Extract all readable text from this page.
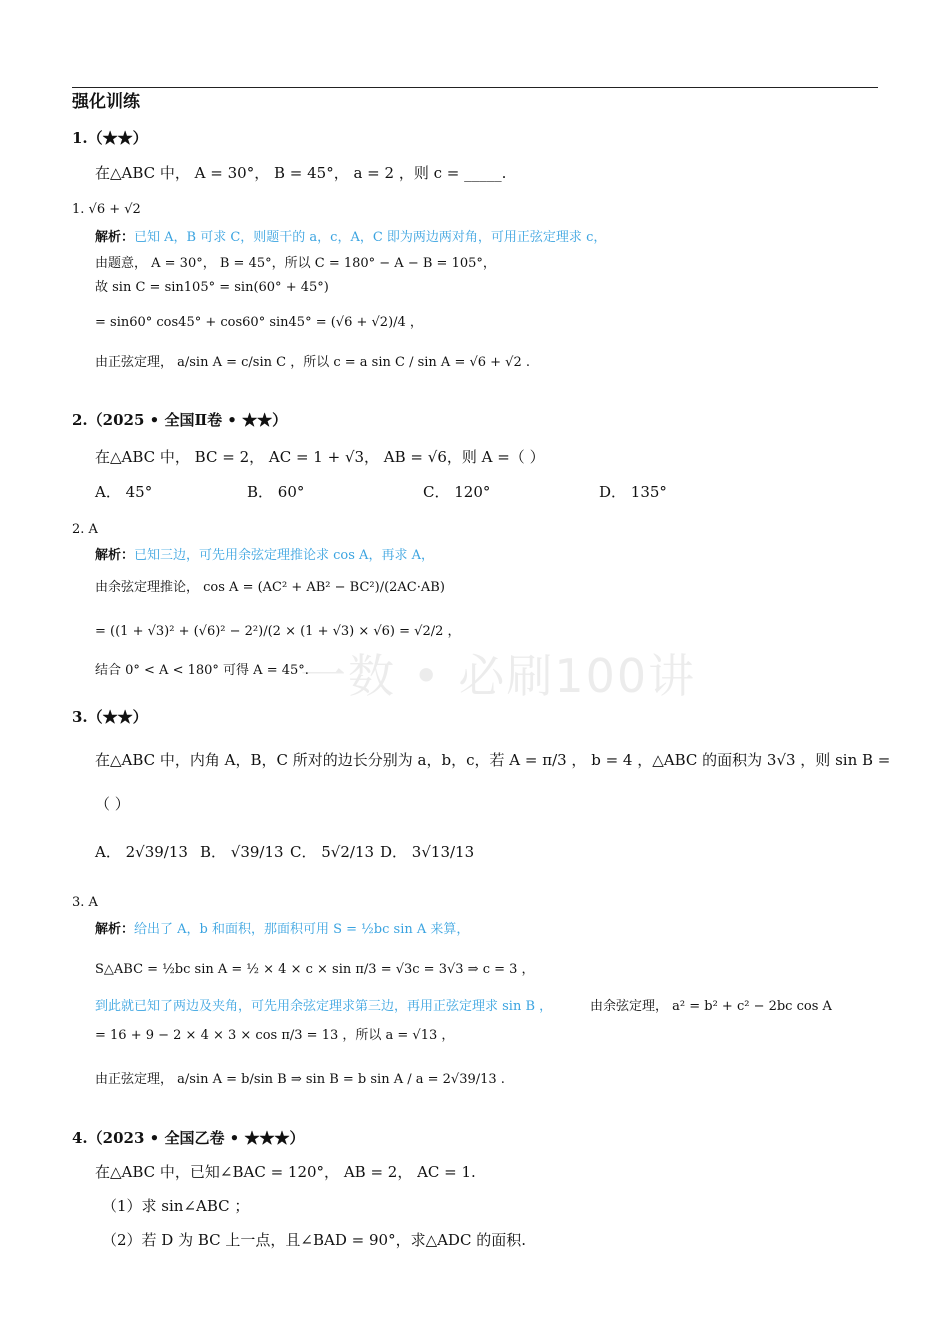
一数 • 必刷100讲
强化训练
1.（★★）
在△ABC 中， A = 30°， B = 45°， a = 2 ，则 c = _____.
1. √6 + √2
解析：已知 A，B 可求 C，则题干的 a，c，A，C 即为两边两对角，可用正弦定理求 c，
由题意， A = 30°， B = 45°，所以 C = 180° − A − B = 105°，
故 sin C = sin105° = sin(60° + 45°)
= sin60° cos45° + cos60° sin45° = (√6 + √2)/4 ，
由正弦定理， a/sin A = c/sin C ，所以 c = a sin C / sin A = √6 + √2 .
2.（2025 • 全国Ⅱ卷 • ★★）
在△ABC 中， BC = 2， AC = 1 + √3， AB = √6，则 A =（ ）
A． 45°	B． 60°	C． 120°	D． 135°
2. A
解析：已知三边，可先用余弦定理推论求 cos A，再求 A，
由余弦定理推论， cos A = (AC² + AB² − BC²)/(2AC·AB)
= ((1 + √3)² + (√6)² − 2²)/(2 × (1 + √3) × √6) = √2/2 ，
结合 0° < A < 180° 可得 A = 45°.
3.（★★）
在△ABC 中，内角 A，B，C 所对的边长分别为 a，b，c，若 A = π/3 ， b = 4 ，△ABC 的面积为 3√3 ，则 sin B =
（ ）
A． 2√39/13 B． √39/13 C． 5√2/13 D． 3√13/13
3. A
解析：给出了 A，b 和面积，那面积可用 S = ½bc sin A 来算，
S△ABC = ½bc sin A = ½ × 4 × c × sin π/3 = √3c = 3√3 ⇒ c = 3 ，
到此就已知了两边及夹角，可先用余弦定理求第三边，再用正弦定理求 sin B ，	由余弦定理， a² = b² + c² − 2bc cos A
= 16 + 9 − 2 × 4 × 3 × cos π/3 = 13 ，所以 a = √13 ，
由正弦定理， a/sin A = b/sin B ⇒ sin B = b sin A / a = 2√39/13 .
4.（2023 • 全国乙卷 • ★★★）
在△ABC 中，已知∠BAC = 120°， AB = 2， AC = 1.
（1）求 sin∠ABC ；
（2）若 D 为 BC 上一点，且∠BAD = 90°，求△ADC 的面积.
